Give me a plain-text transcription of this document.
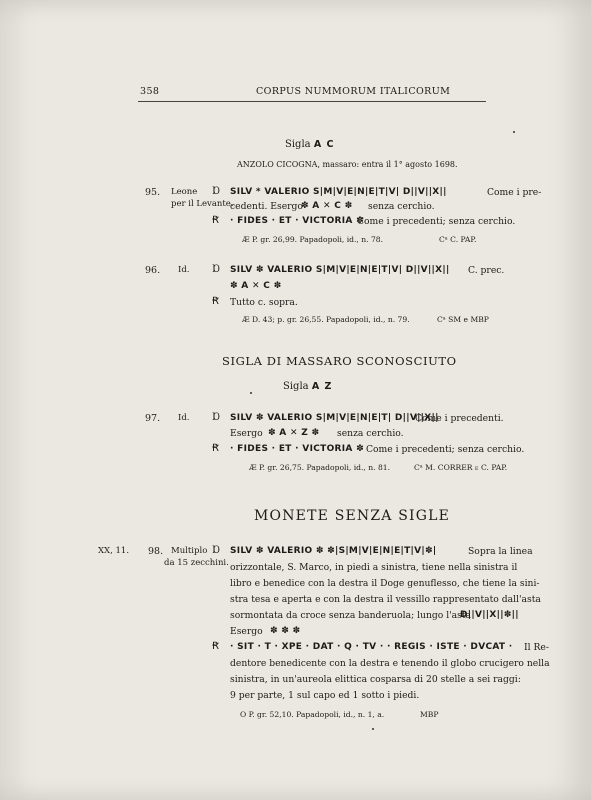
358	CORPUS NUMMORUM ITALICORUM
Sigla A C
ANZOLO CICOGNA, massaro: entra il 1° agosto 1698.
95. Leone
per il Levante.
Ɒ SILV * VALERIO S|M|V|E|N|E|T|V| D||V||X||	Come i pre-
cedenti. Esergo
✽ A ✕ C ✽ senza cerchio.
Ꞧ · FIDES · ET · VICTORIA ✽
Come i precedenti; senza cerchio.
Æ P. gr. 26,99. Papadopoli, id., n. 78.	Cᵃ C. PAP.
96. Id. Ɒ SILV ✽ VALERIO S|M|V|E|N|E|T|V| D||V||X|| C. prec.
✽ A ✕ C ✽
Ꞧ Tutto c. sopra.
Æ D. 43; p. gr. 26,55. Papadopoli, id., n. 79.	Cᵃ SM e MBP
SIGLA DI MASSARO SCONOSCIUTO
Sigla A Z
97. Id. Ɒ SILV ✽ VALERIO S|M|V|E|N|E|T| D||V||X||
Come i precedenti.
Esergo ✽ A ✕ Z ✽ senza cerchio.
Ꞧ · FIDES · ET · VICTORIA ✽ Come i precedenti; senza cerchio.
Æ P. gr. 26,75. Papadopoli, id., n. 81.	Cᵃ M. CORRER e C. PAP.
MONETE SENZA SIGLE
XX, 11. 98. Multiplo
da 15 zecchini.
Ɒ SILV ✽ VALERIO ✽ ✽|S|M|V|E|N|E|T|V|✽|	Sopra la linea
orizzontale, S. Marco, in piedi a sinistra, tiene nella sinistra il
libro e benedice con la destra il Doge genuflesso, che tiene la sini-
stra tesa e aperta e con la destra il vessillo rappresentato dall'asta
sormontata da croce senza banderuola; lungo l'asta
D||V||X||✽||
Esergo ✽ ✽ ✽
Ꞧ · SIT · T · XPE · DAT · Q · TV · · REGIS · ISTE · DVCAT · Il Re-
dentore benedicente con la destra e tenendo il globo crucigero nella
sinistra, in un'aureola elittica cosparsa di 20 stelle a sei raggi:
9 per parte, 1 sul capo ed 1 sotto i piedi.
O P. gr. 52,10. Papadopoli, id., n. 1, a.	MBP
